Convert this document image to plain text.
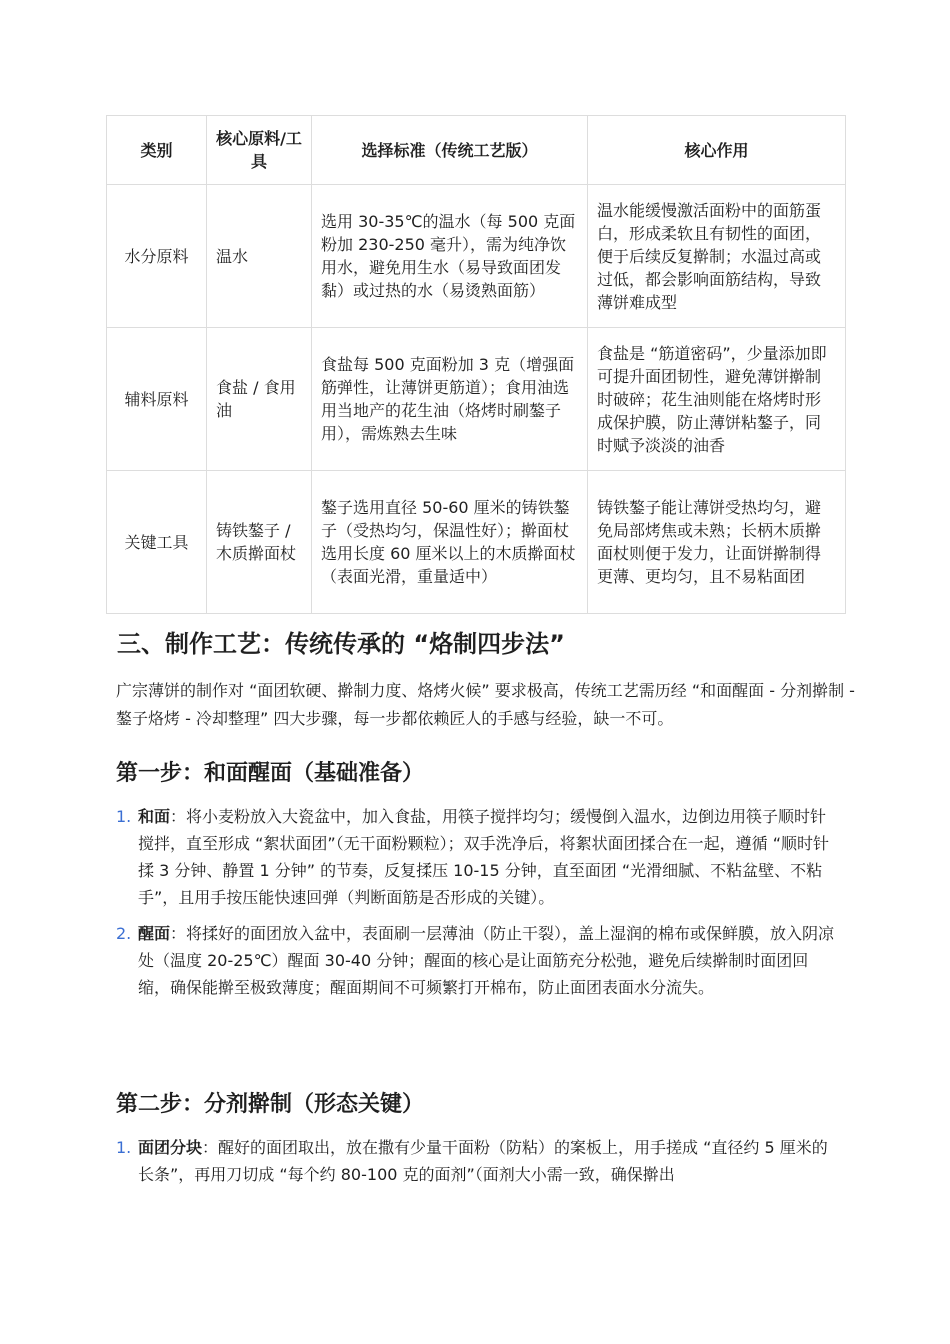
类别	核心原料/工具	选择标准（传统工艺版）	核心作用
水分原料	温水	选用 30-35℃的温水（每 500 克面粉加 230-250 毫升），需为纯净饮用水，避免用生水（易导致面团发黏）或过热的水（易烫熟面筋）	温水能缓慢激活面粉中的面筋蛋白，形成柔软且有韧性的面团，便于后续反复擀制；水温过高或过低，都会影响面筋结构，导致薄饼难成型
辅料原料	食盐 / 食用油	食盐每 500 克面粉加 3 克（增强面筋弹性，让薄饼更筋道）；食用油选用当地产的花生油（烙烤时刷鏊子用），需炼熟去生味	食盐是 “筋道密码”，少量添加即可提升面团韧性，避免薄饼擀制时破碎；花生油则能在烙烤时形成保护膜，防止薄饼粘鏊子，同时赋予淡淡的油香
关键工具	铸铁鏊子 / 木质擀面杖	鏊子选用直径 50-60 厘米的铸铁鏊子（受热均匀，保温性好）；擀面杖选用长度 60 厘米以上的木质擀面杖（表面光滑，重量适中）	铸铁鏊子能让薄饼受热均匀，避免局部烤焦或未熟；长柄木质擀面杖则便于发力，让面饼擀制得更薄、更均匀，且不易粘面团
三、制作工艺：传统传承的 “烙制四步法”

广宗薄饼的制作对 “面团软硬、擀制力度、烙烤火候” 要求极高，传统工艺需历经 “和面醒面 - 分剂擀制 - 鏊子烙烤 - 冷却整理” 四大步骤，每一步都依赖匠人的手感与经验，缺一不可。

第一步：和面醒面（基础准备）
1. 和面：将小麦粉放入大瓷盆中，加入食盐，用筷子搅拌均匀；缓慢倒入温水，边倒边用筷子顺时针搅拌，直至形成 “絮状面团”（无干面粉颗粒）；双手洗净后，将絮状面团揉合在一起，遵循 “顺时针揉 3 分钟、静置 1 分钟” 的节奏，反复揉压 10-15 分钟，直至面团 “光滑细腻、不粘盆壁、不粘手”，且用手按压能快速回弹（判断面筋是否形成的关键）。
2. 醒面：将揉好的面团放入盆中，表面刷一层薄油（防止干裂），盖上湿润的棉布或保鲜膜，放入阴凉处（温度 20-25℃）醒面 30-40 分钟；醒面的核心是让面筋充分松弛，避免后续擀制时面团回缩，确保能擀至极致薄度；醒面期间不可频繁打开棉布，防止面团表面水分流失。
第二步：分剂擀制（形态关键）
1. 面团分块：醒好的面团取出，放在撒有少量干面粉（防粘）的案板上，用手搓成 “直径约 5 厘米的长条”，再用刀切成 “每个约 80-100 克的面剂”（面剂大小需一致，确保擀出
